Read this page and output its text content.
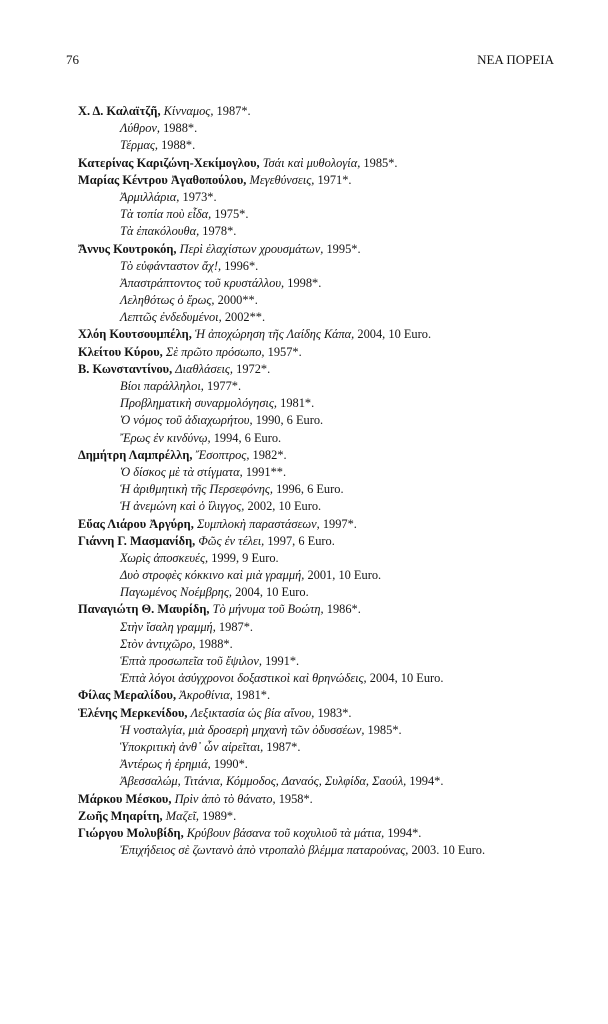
76	ΝΕΑ ΠΟΡΕΙΑ
Χ. Δ. Καλαϊτζῆ, Κίνναμος, 1987*.
Λύθρον, 1988*.
Τέρμας, 1988*.
Κατερίνας Καριζώνη-Χεκίμογλου, Τσάι καὶ μυθολογία, 1985*.
Μαρίας Κέντρου Ἀγαθοπούλου, Μεγεθύνσεις, 1971*.
Ἀρμιλλάρια, 1973*.
Τὰ τοπία ποὺ εἶδα, 1975*.
Τὰ ἐπακόλουθα, 1978*.
Ἄννυς Κουτροκόη, Περὶ ἐλαχίστων χρουσμάτων, 1995*.
Τὸ εὐφάνταστον ἄχ!, 1996*.
Ἀπαστράπτοντος τοῦ κρυστάλλου, 1998*.
Λεληθότως ὁ ἔρως, 2000**.
Λεπτῶς ἐνδεδυμένοι, 2002**.
Χλόη Κουτσουμπέλη, Ἡ ἀποχώρηση τῆς Λαίδης Κάπα, 2004, 10 Euro.
Κλείτου Κύρου, Σὲ πρῶτο πρόσωπο, 1957*.
Β. Κωνσταντίνου, Διαθλάσεις, 1972*.
Βίοι παράλληλοι, 1977*.
Προβληματικὴ συναρμολόγησις, 1981*.
Ὁ νόμος τοῦ ἀδιαχωρήτου, 1990, 6 Euro.
Ἔρως ἐν κινδύνῳ, 1994, 6 Euro.
Δημήτρη Λαμπρέλλη, Ἔσοπτρος, 1982*.
Ὁ δίσκος μὲ τὰ στίγματα, 1991**.
Ἡ ἀριθμητικὴ τῆς Περσεφόνης, 1996, 6 Euro.
Ἡ ἀνεμώνη καὶ ὁ ἴλιγγος, 2002, 10 Euro.
Εὔας Λιάρου Ἀργύρη, Συμπλοκὴ παραστάσεων, 1997*.
Γιάννη Γ. Μασμανίδη, Φῶς ἐν τέλει, 1997, 6 Euro.
Χωρὶς ἀποσκευές, 1999, 9 Euro.
Δυὸ στροφὲς κόκκινο καὶ μιὰ γραμμή, 2001, 10 Euro.
Παγωμένος Νοέμβρης, 2004, 10 Euro.
Παναγιώτη Θ. Μαυρίδη, Τὸ μήνυμα τοῦ Βοώτη, 1986*.
Στὴν ἴσαλη γραμμή, 1987*.
Στὸν ἀντιχῶρο, 1988*.
Ἑπτὰ προσωπεῖα τοῦ ἔψιλον, 1991*.
Ἑπτὰ λόγοι ἀσύγχρονοι δοξαστικοὶ καὶ θρηνώδεις, 2004, 10 Euro.
Φίλας Μεραλίδου, Ἀκροθίνια, 1981*.
Ἑλένης Μερκενίδου, Λεξικτασία ὡς βία αἴνου, 1983*.
Ἡ νοσταλγία, μιὰ δροσερὴ μηχανὴ τῶν ὀδυσσέων, 1985*.
Ὑποκριτικὴ ἀνθ᾽ ὧν αἱρεῖται, 1987*.
Ἀντέρως ἡ ἐρημιά, 1990*.
Ἀβεσσαλώμ, Τιτάνια, Κόμμοδος, Δαναός, Συλφίδα, Σαούλ, 1994*.
Μάρκου Μέσκου, Πρὶν ἀπὸ τὸ θάνατο, 1958*.
Ζωῆς Μηαρίτη, Μαζεῖ, 1989*.
Γιώργου Μολυβίδη, Κρύβουν βάσανα τοῦ κοχυλιοῦ τὰ μάτια, 1994*.
Ἐπιχήδειος σὲ ζωντανὸ ἀπὸ ντροπαλὸ βλέμμα παταρούνας, 2003. 10 Euro.
